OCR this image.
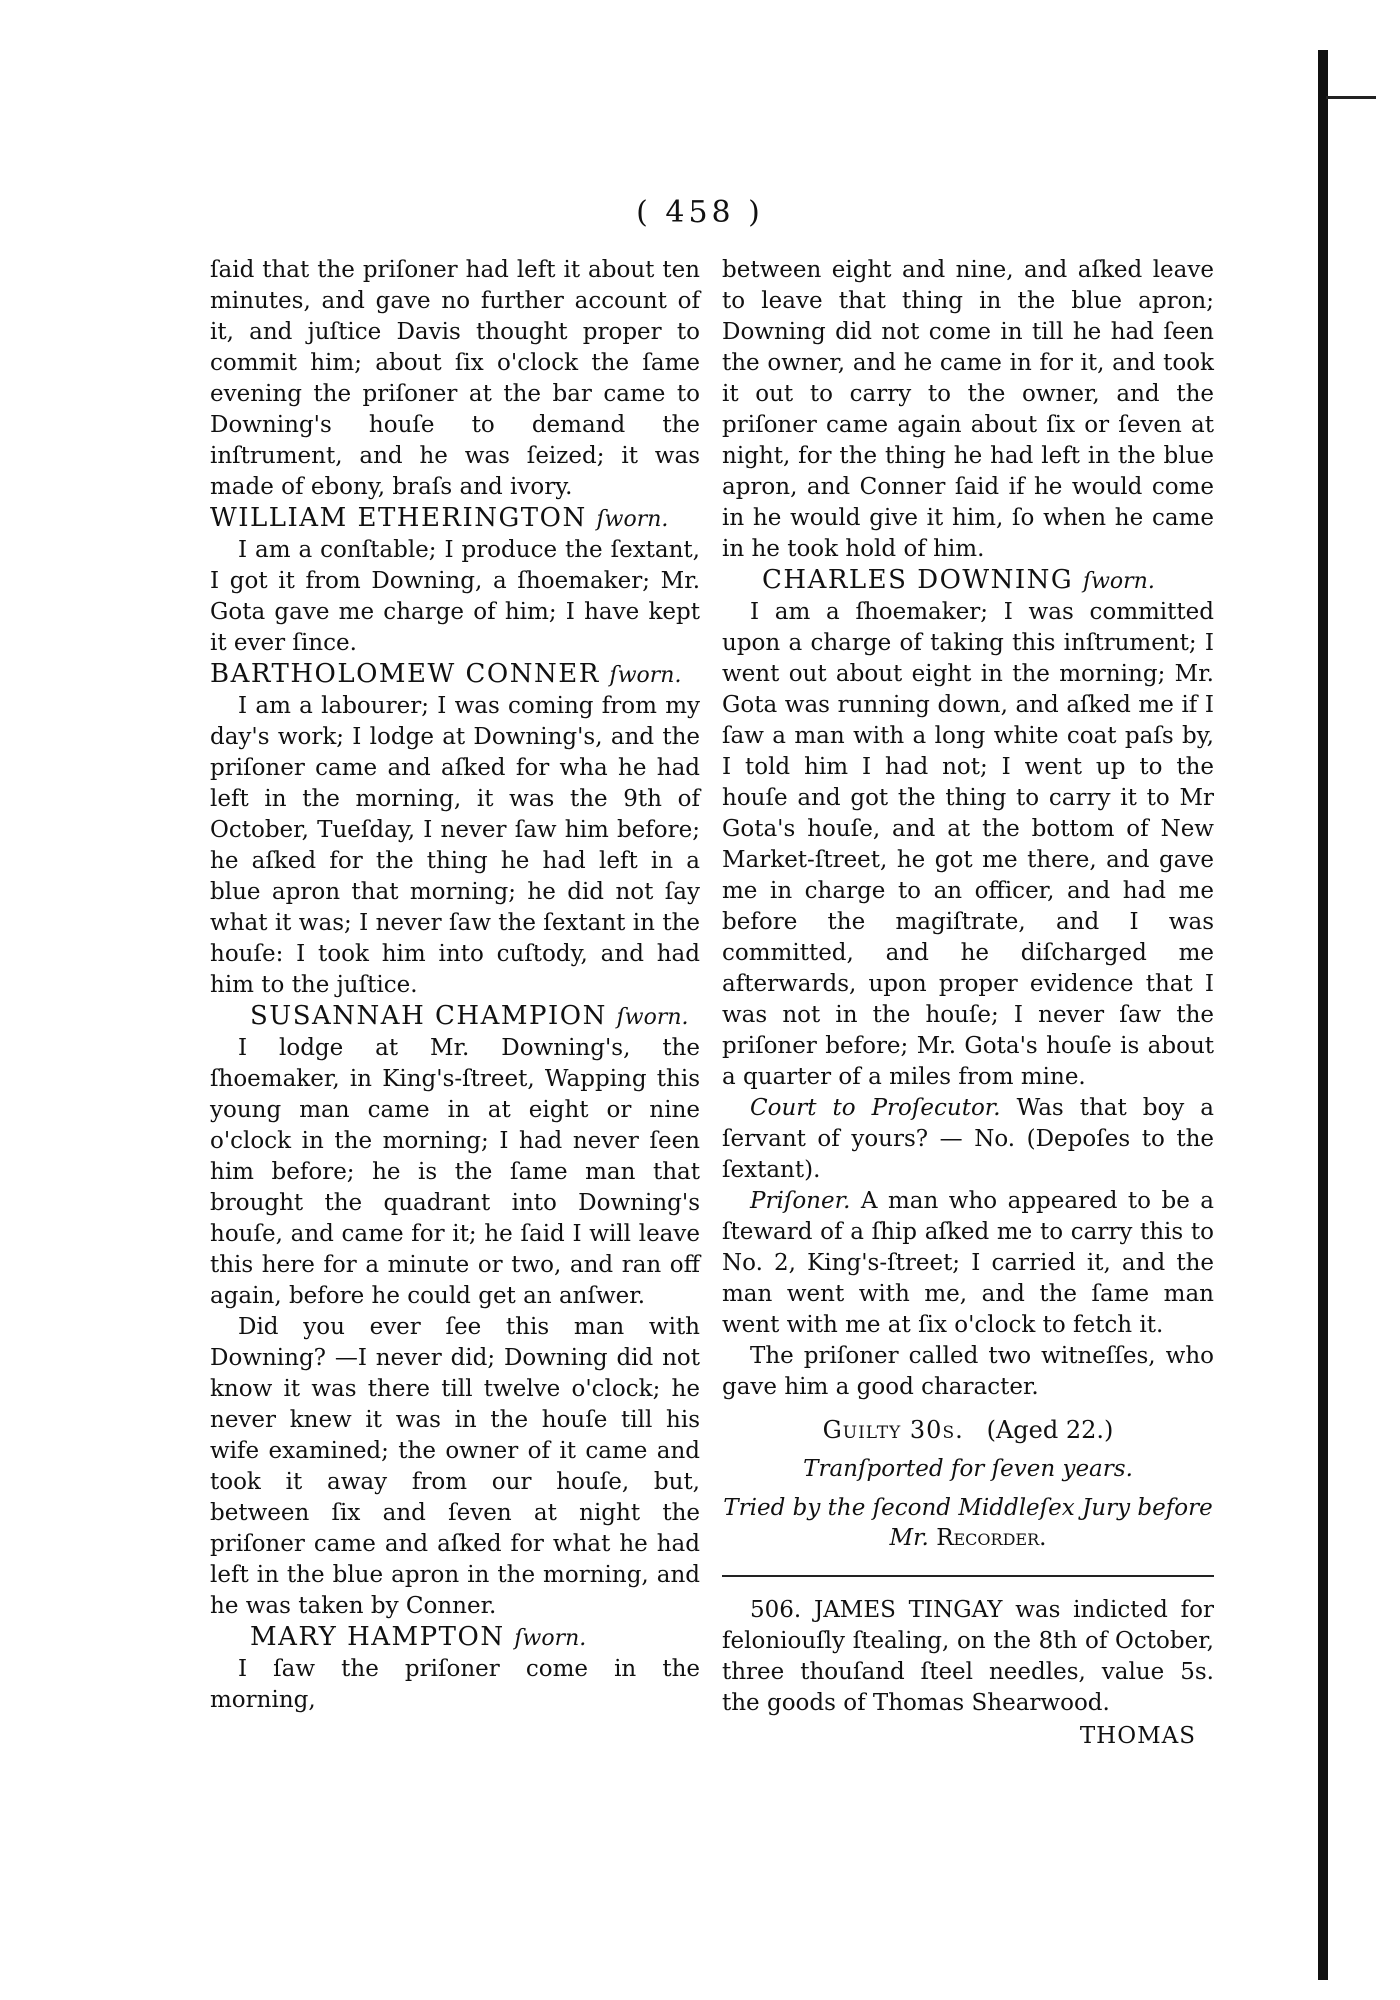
( 458 )

ſaid that the priſoner had left it about ten minutes, and gave no further account of it, and juſtice Davis thought proper to commit him; about ſix o'clock the ſame evening the priſoner at the bar came to Downing's houſe to demand the inſtrument, and he was ſeized; it was made of ebony, braſs and ivory.

WILLIAM ETHERINGTON ſworn.

I am a conſtable; I produce the ſextant, I got it from Downing, a ſhoemaker; Mr. Gota gave me charge of him; I have kept it ever ſince.

BARTHOLOMEW CONNER ſworn.

I am a labourer; I was coming from my day's work; I lodge at Downing's, and the priſoner came and aſked for wha he had left in the morning, it was the 9th of October, Tueſday, I never ſaw him before; he aſked for the thing he had left in a blue apron that morning; he did not ſay what it was; I never ſaw the ſextant in the houſe: I took him into cuſtody, and had him to the juſtice.

SUSANNAH CHAMPION ſworn.

I lodge at Mr. Downing's, the ſhoemaker, in King's-ſtreet, Wapping this young man came in at eight or nine o'clock in the morning; I had never ſeen him before; he is the ſame man that brought the quadrant into Downing's houſe, and came for it; he ſaid I will leave this here for a minute or two, and ran off again, before he could get an anſwer.

Did you ever ſee this man with Downing? —I never did; Downing did not know it was there till twelve o'clock; he never knew it was in the houſe till his wife examined; the owner of it came and took it away from our houſe, but, between ſix and ſeven at night the priſoner came and aſked for what he had left in the blue apron in the morning, and he was taken by Conner.

MARY HAMPTON ſworn.

I ſaw the priſoner come in the morning,

between eight and nine, and aſked leave to leave that thing in the blue apron; Downing did not come in till he had ſeen the owner, and he came in for it, and took it out to carry to the owner, and the priſoner came again about ſix or ſeven at night, for the thing he had left in the blue apron, and Conner ſaid if he would come in he would give it him, ſo when he came in he took hold of him.

CHARLES DOWNING ſworn.

I am a ſhoemaker; I was committed upon a charge of taking this inſtrument; I went out about eight in the morning; Mr. Gota was running down, and aſked me if I ſaw a man with a long white coat paſs by, I told him I had not; I went up to the houſe and got the thing to carry it to Mr Gota's houſe, and at the bottom of New Market-ſtreet, he got me there, and gave me in charge to an officer, and had me before the magiſtrate, and I was committed, and he diſcharged me afterwards, upon proper evidence that I was not in the houſe; I never ſaw the priſoner before; Mr. Gota's houſe is about a quarter of a miles from mine.

Court to Proſecutor. Was that boy a ſervant of yours? — No. (Depoſes to the ſextant).

Priſoner. A man who appeared to be a ſteward of a ſhip aſked me to carry this to No. 2, King's-ſtreet; I carried it, and the man went with me, and the ſame man went with me at ſix o'clock to fetch it.

The priſoner called two witneſſes, who gave him a good character.

Guilty 30s. (Aged 22.)
Tranſported for ſeven years.
Tried by the ſecond Middleſex Jury before
Mr. Recorder.

506. JAMES TINGAY was indicted for feloniouſly ſtealing, on the 8th of October, three thouſand ſteel needles, value 5s. the goods of Thomas Shearwood.

THOMAS
